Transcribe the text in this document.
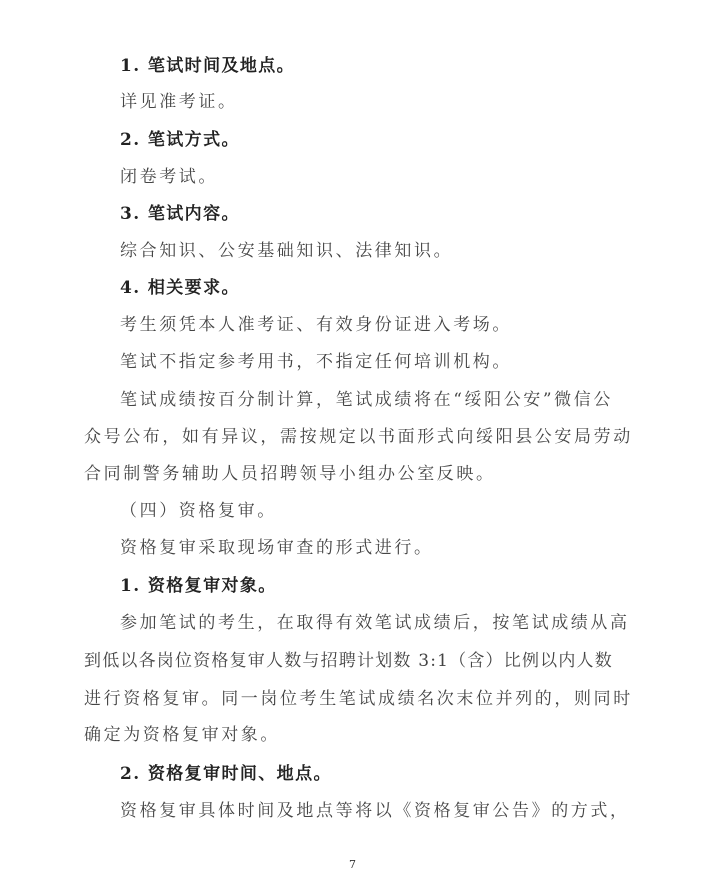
1. 笔试时间及地点。

详见准考证。

2. 笔试方式。

闭卷考试。

3. 笔试内容。

综合知识、公安基础知识、法律知识。

4. 相关要求。

考生须凭本人准考证、有效身份证进入考场。

笔试不指定参考用书，不指定任何培训机构。

笔试成绩按百分制计算，笔试成绩将在“绥阳公安”微信公

众号公布，如有异议，需按规定以书面形式向绥阳县公安局劳动

合同制警务辅助人员招聘领导小组办公室反映。

（四）资格复审。

资格复审采取现场审查的形式进行。

1. 资格复审对象。

参加笔试的考生，在取得有效笔试成绩后，按笔试成绩从高

到低以各岗位资格复审人数与招聘计划数 3:1（含）比例以内人数

进行资格复审。同一岗位考生笔试成绩名次末位并列的，则同时

确定为资格复审对象。

2. 资格复审时间、地点。

资格复审具体时间及地点等将以《资格复审公告》的方式，

7
